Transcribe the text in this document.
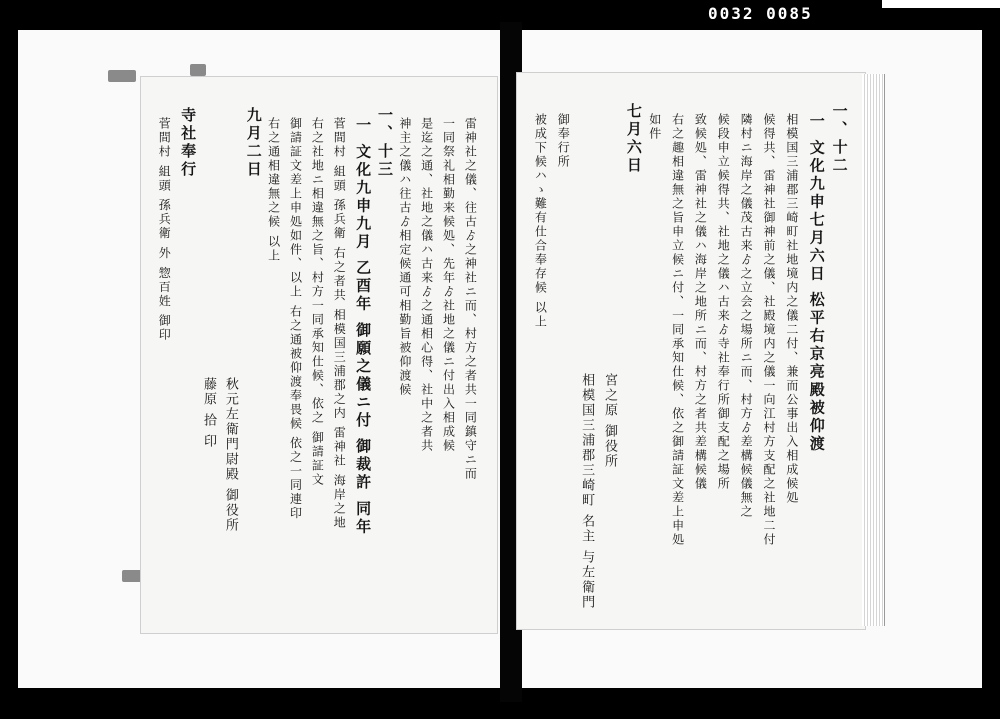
0032 0085
雷神社之儀、往古ゟ之神社ニ而、村方之者共一同鎮守ニ而
一同祭礼相勤来候処、先年ゟ社地之儀ニ付出入相成候
是迄之通、社地之儀ハ古来ゟ之通相心得、社中之者共
神主之儀ハ往古ゟ相定候通可相勤旨被仰渡候
一、十三
一 文化九申九月 乙酉年 御願之儀ニ付 御裁許 同年
菅間村 組頭 孫兵衛 右之者共 相模国三浦郡之内 雷神社 海岸之地
右之社地ニ相違無之旨、村方一同承知仕候、依之 御請証文
御請証文差上申処如件、以上 右之通被仰渡奉畏候 依之一同連印
右之通相違無之候 以上
九月二日
秋元左衛門尉殿 御役所
藤原 拾 印
寺社奉行
菅間村 組頭 孫兵衛 外 惣百姓 御印	一、十二
一 文化九申七月六日 松平右京亮殿被仰渡
相模国三浦郡三崎町社地境内之儀二付、兼而公事出入相成候処
候得共、雷神社御神前之儀、社殿境内之儀一向江村方支配之社地二付
隣村ニ海岸之儀茂古来ゟ之立会之場所ニ而、村方ゟ差構候儀無之
候段申立候得共、社地之儀ハ古来ゟ寺社奉行所御支配之場所
致候処、雷神社之儀ハ海岸之地所ニ而、村方之者共差構候儀
右之趣相違無之旨申立候ニ付、一同承知仕候、依之御請証文差上申処
如件
七月六日
宮之原 御役所
相模国三浦郡三崎町 名主 与左衛門
御奉行所
被成下候ハゝ難有仕合奉存候 以上
